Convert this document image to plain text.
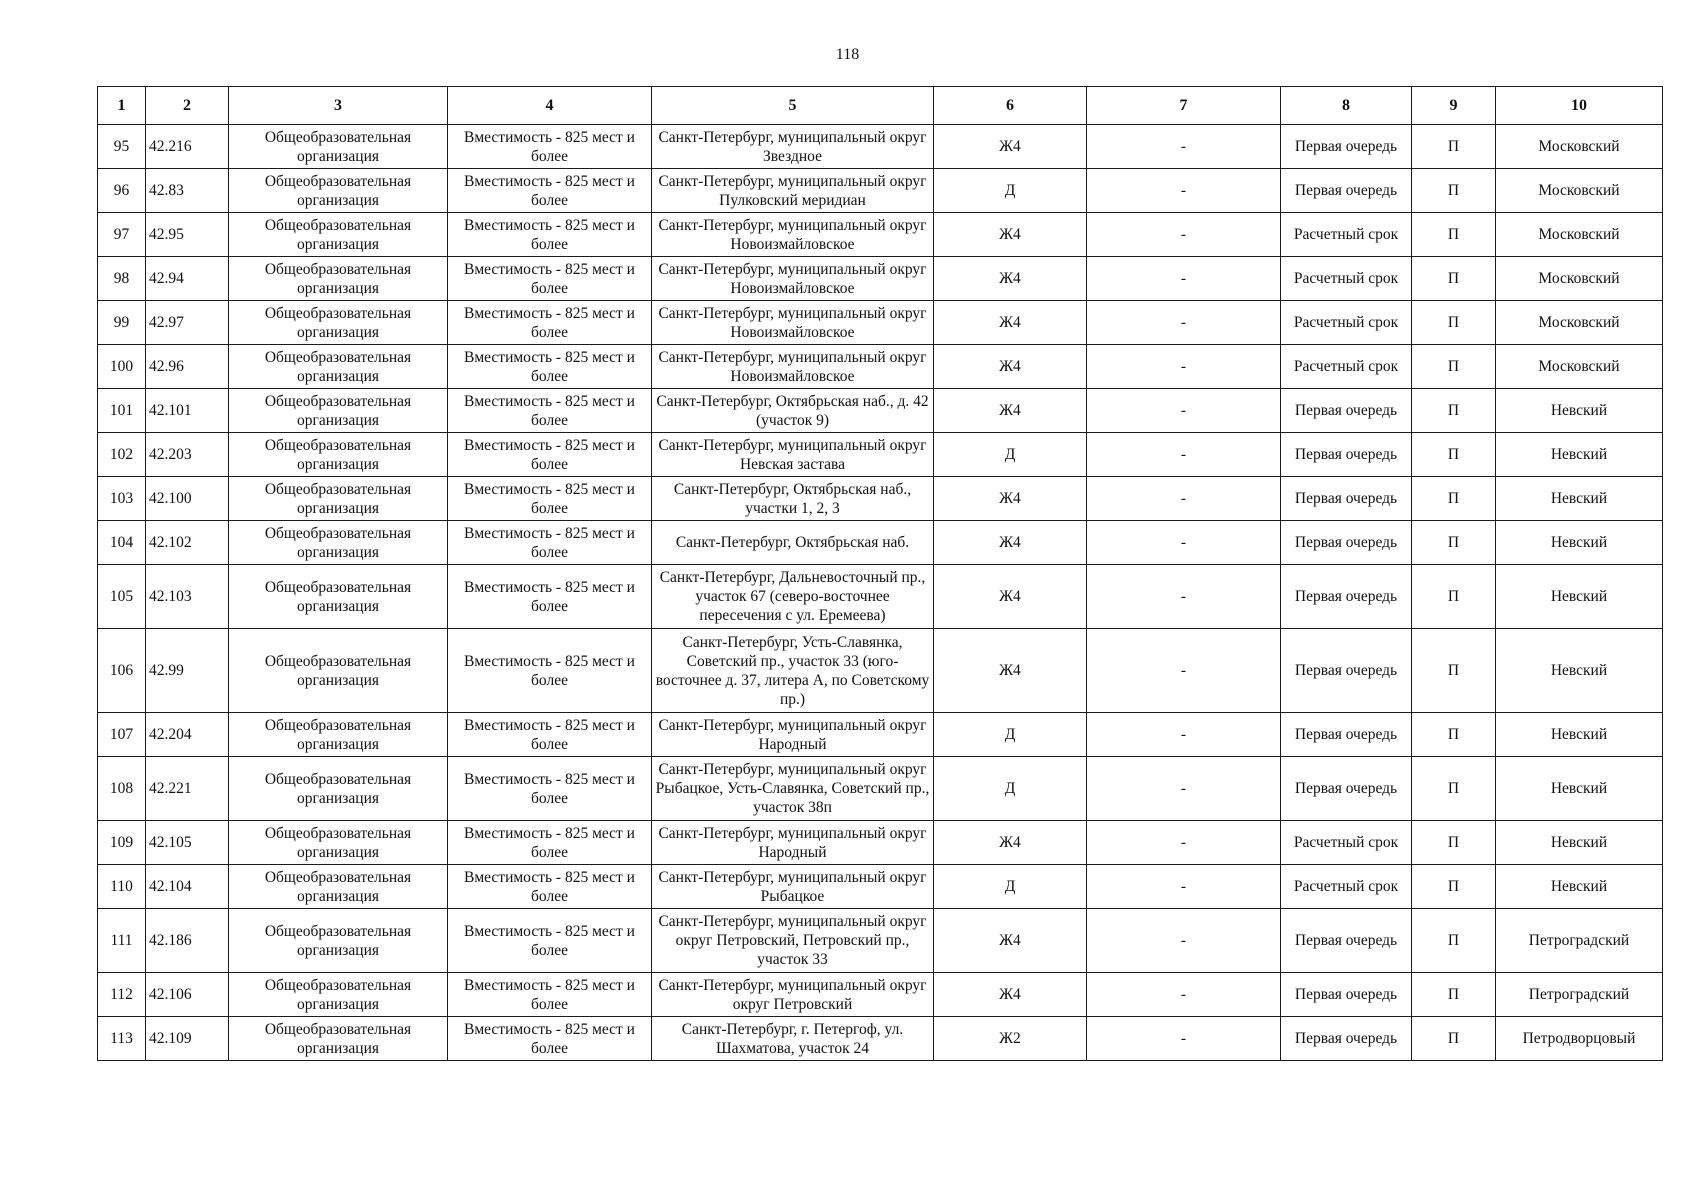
118
1	2	3	4	5	6	7	8	9	10
95	42.216	Общеобразовательная организация	Вместимость - 825 мест и более	Санкт-Петербург, муниципальный округ Звездное	Ж4	-	Первая очередь	П	Московский
96	42.83	Общеобразовательная организация	Вместимость - 825 мест и более	Санкт-Петербург, муниципальный округ Пулковский меридиан	Д	-	Первая очередь	П	Московский
97	42.95	Общеобразовательная организация	Вместимость - 825 мест и более	Санкт-Петербург, муниципальный округ Новоизмайловское	Ж4	-	Расчетный срок	П	Московский
98	42.94	Общеобразовательная организация	Вместимость - 825 мест и более	Санкт-Петербург, муниципальный округ Новоизмайловское	Ж4	-	Расчетный срок	П	Московский
99	42.97	Общеобразовательная организация	Вместимость - 825 мест и более	Санкт-Петербург, муниципальный округ Новоизмайловское	Ж4	-	Расчетный срок	П	Московский
100	42.96	Общеобразовательная организация	Вместимость - 825 мест и более	Санкт-Петербург, муниципальный округ Новоизмайловское	Ж4	-	Расчетный срок	П	Московский
101	42.101	Общеобразовательная организация	Вместимость - 825 мест и более	Санкт-Петербург, Октябрьская наб., д. 42 (участок 9)	Ж4	-	Первая очередь	П	Невский
102	42.203	Общеобразовательная организация	Вместимость - 825 мест и более	Санкт-Петербург, муниципальный округ Невская застава	Д	-	Первая очередь	П	Невский
103	42.100	Общеобразовательная организация	Вместимость - 825 мест и более	Санкт-Петербург, Октябрьская наб., участки 1, 2, 3	Ж4	-	Первая очередь	П	Невский
104	42.102	Общеобразовательная организация	Вместимость - 825 мест и более	Санкт-Петербург, Октябрьская наб.	Ж4	-	Первая очередь	П	Невский
105	42.103	Общеобразовательная организация	Вместимость - 825 мест и более	Санкт-Петербург, Дальневосточный пр., участок 67 (северо-восточнее пересечения с ул. Еремеева)	Ж4	-	Первая очередь	П	Невский
106	42.99	Общеобразовательная организация	Вместимость - 825 мест и более	Санкт-Петербург, Усть-Славянка, Советский пр., участок 33 (юго-восточнее д. 37, литера А, по Советскому пр.)	Ж4	-	Первая очередь	П	Невский
107	42.204	Общеобразовательная организация	Вместимость - 825 мест и более	Санкт-Петербург, муниципальный округ Народный	Д	-	Первая очередь	П	Невский
108	42.221	Общеобразовательная организация	Вместимость - 825 мест и более	Санкт-Петербург, муниципальный округ Рыбацкое, Усть-Славянка, Советский пр., участок 38п	Д	-	Первая очередь	П	Невский
109	42.105	Общеобразовательная организация	Вместимость - 825 мест и более	Санкт-Петербург, муниципальный округ Народный	Ж4	-	Расчетный срок	П	Невский
110	42.104	Общеобразовательная организация	Вместимость - 825 мест и более	Санкт-Петербург, муниципальный округ Рыбацкое	Д	-	Расчетный срок	П	Невский
111	42.186	Общеобразовательная организация	Вместимость - 825 мест и более	Санкт-Петербург, муниципальный округ округ Петровский, Петровский пр., участок 33	Ж4	-	Первая очередь	П	Петроградский
112	42.106	Общеобразовательная организация	Вместимость - 825 мест и более	Санкт-Петербург, муниципальный округ округ Петровский	Ж4	-	Первая очередь	П	Петроградский
113	42.109	Общеобразовательная организация	Вместимость - 825 мест и более	Санкт-Петербург, г. Петергоф, ул. Шахматова, участок 24	Ж2	-	Первая очередь	П	Петродворцовый
